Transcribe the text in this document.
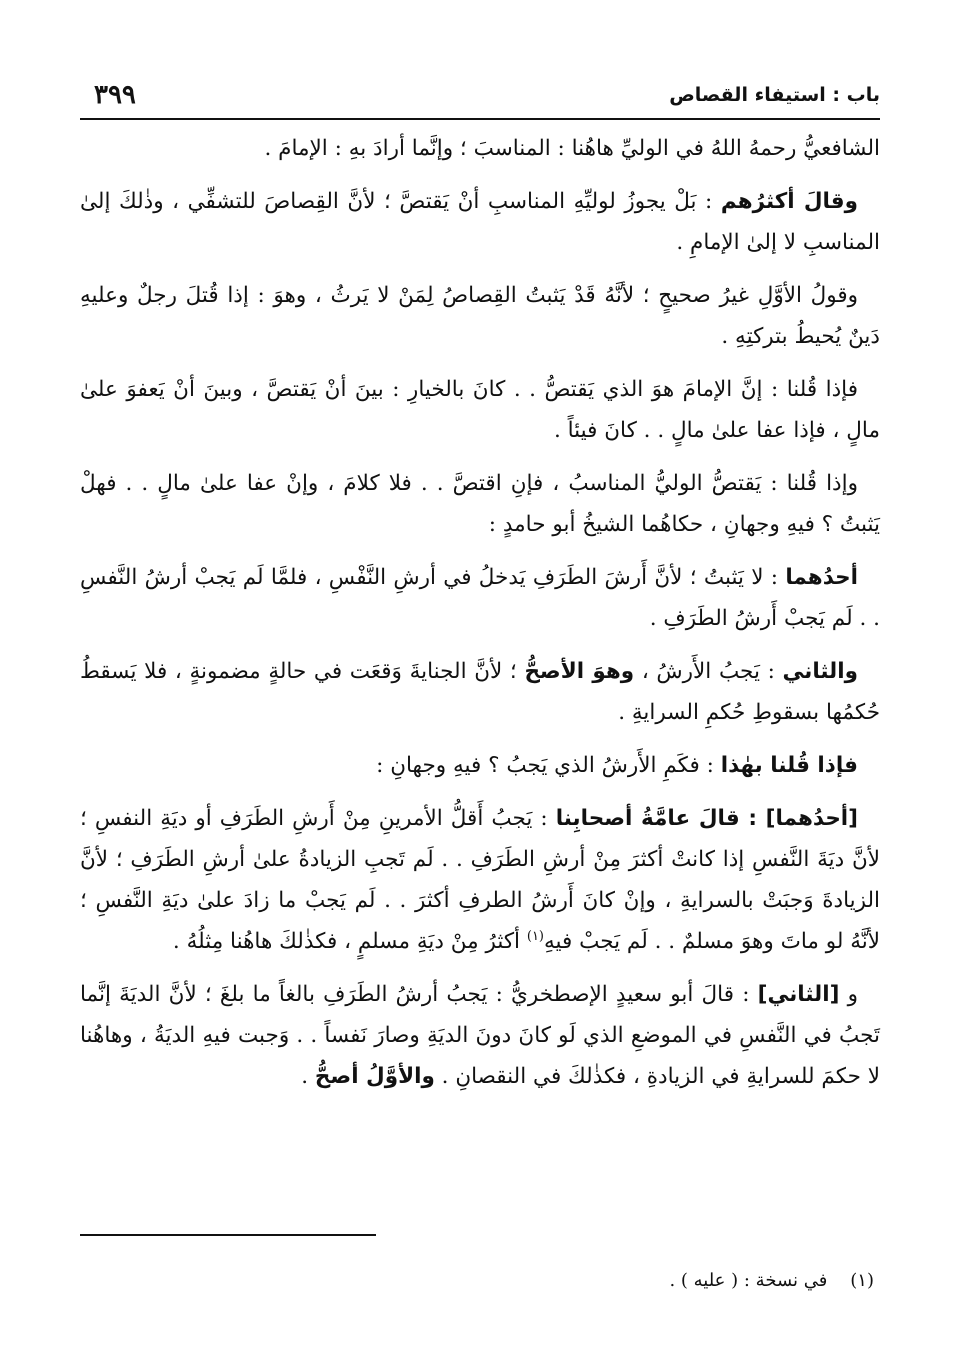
باب : استيفاء القصاص
٣٩٩

الشافعيُّ رحمهُ اللهُ في الوليِّ هاهُنا : المناسبَ ؛ وإنَّما أرادَ بهِ : الإمامَ .

وقالَ أكثرُهم : بَلْ يجوزُ لوليِّهِ المناسبِ أنْ يَقتصَّ ؛ لأنَّ القِصاصَ للتشفِّي ، وذٰلكَ إلىٰ المناسبِ لا إلىٰ الإمامِ .

وقولُ الأوَّلِ غيرُ صحيحٍ ؛ لأنَّهُ قَدْ يَثبتُ القِصاصُ لِمَنْ لا يَرثُ ، وهوَ : إذا قُتلَ رجلٌ وعليهِ دَينٌ يُحيطُ بتركتِهِ .

فإذا قُلنا : إنَّ الإمامَ هوَ الذي يَقتصُّ . . كانَ بالخيارِ : بينَ أنْ يَقتصَّ ، وبينَ أنْ يَعفوَ علىٰ مالٍ ، فإذا عفا علىٰ مالٍ . . كانَ فيئاً .

وإذا قُلنا : يَقتصُّ الوليُّ المناسبُ ، فإنِ اقتصَّ . . فلا كلامَ ، وإنْ عفا علىٰ مالٍ . . فهلْ يَثبتُ ؟ فيهِ وجهانِ ، حكاهُما الشيخُ أبو حامدٍ :

أحدُهما : لا يَثبتُ ؛ لأنَّ أَرشَ الطَرَفِ يَدخلُ في أرشِ النَّفْسِ ، فلمَّا لَم يَجبْ أرشُ النَّفسِ . . لَم يَجبْ أَرشُ الطَرَفِ .

والثاني : يَجبُ الأَرشُ ، وهوَ الأصحُّ ؛ لأنَّ الجنايةَ وَقعَت في حالةٍ مضمونةٍ ، فلا يَسقطُ حُكمُها بسقوطِ حُكمِ السرايةِ .

فإذا قُلنا بهٰذا : فكَمِ الأَرشُ الذي يَجبُ ؟ فيهِ وجهانِ :

[أحدُهما] : قالَ عامَّةُ أصحابِنا : يَجبُ أَقلُّ الأمرينِ مِنْ أَرشِ الطَرَفِ أو ديَةِ النفسِ ؛ لأنَّ ديَةَ النَّفسِ إذا كانتْ أكثرَ مِنْ أرشِ الطَرَفِ . . لَم تَجبِ الزيادةُ علىٰ أرشِ الطَرَفِ ؛ لأنَّ الزيادةَ وَجبَتْ بالسرايةِ ، وإنْ كانَ أَرشُ الطرفِ أكثرَ . . لَم يَجبْ ما زادَ علىٰ ديَةِ النَّفسِ ؛ لأنَّهُ لو ماتَ وهوَ مسلمٌ . . لَم يَجبْ فيهِ$^{(١)}$ أكثرُ مِنْ ديَةِ مسلمٍ ، فكذٰلكَ هاهُنا مِثلُهُ .

و [الثاني] : قالَ أبو سعيدٍ الإصطخريُّ : يَجبُ أرشُ الطَرَفِ بالغاً ما بلغَ ؛ لأنَّ الديَةَ إنَّما تَجبُ في النَّفسِ في الموضعِ الذي لَو كانَ دونَ الديَةِ وصارَ نَفساً . . وَجبت فيهِ الديَةُ ، وهاهُنا لا حكمَ للسرايةِ في الزيادةِ ، فكذٰلكَ في النقصانِ . والأوَّلُ أصحُّ .

(١)    في نسخة : ( عليه ) .
